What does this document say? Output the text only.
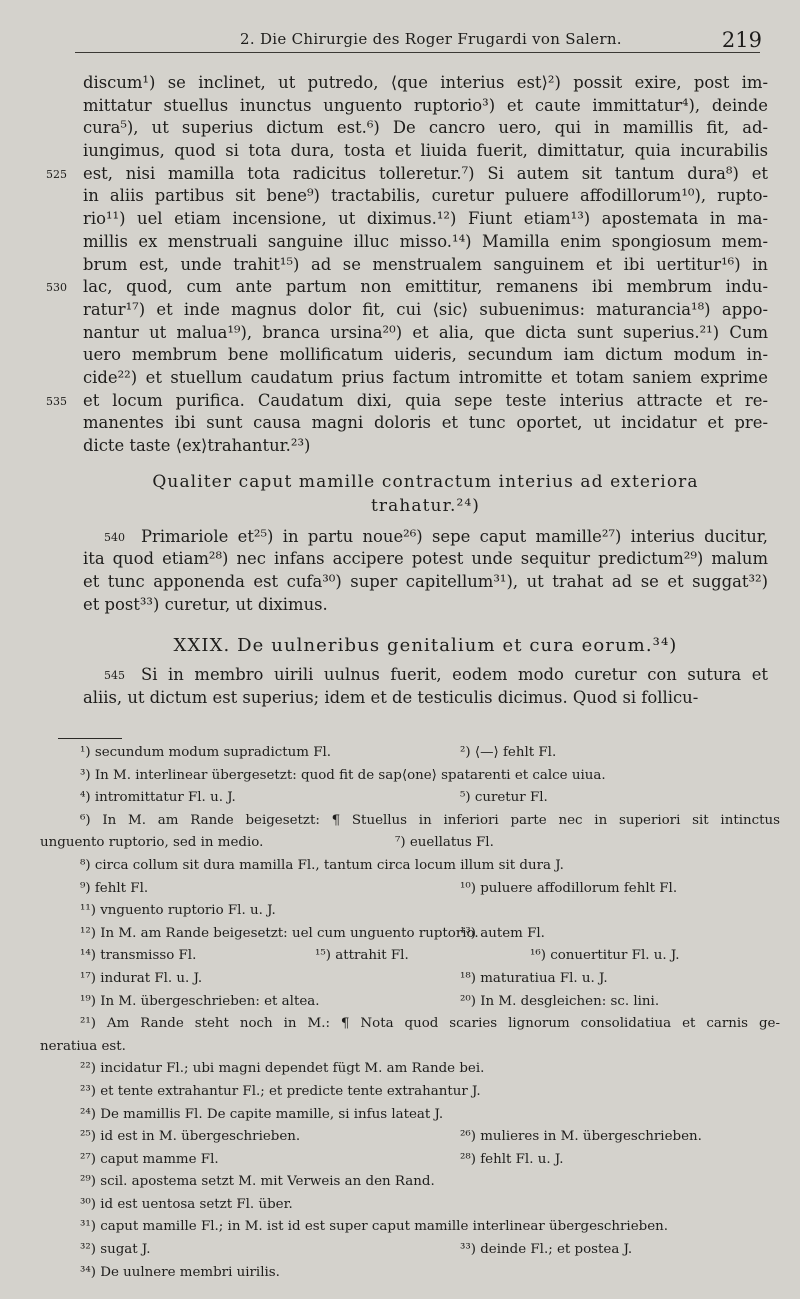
2. Die Chirurgie des Roger Frugardi von Salern.	219
discum¹) se inclinet, ut putredo, ⟨que interius est⟩²) possit exire, post im-
mittatur stuellus inunctus unguento ruptorio³) et caute immittatur⁴), deinde
cura⁵), ut superius dictum est.⁶) De cancro uero, qui in mamillis fit, ad-
iungimus, quod si tota dura, tosta et liuida fuerit, dimittatur, quia incurabilis
525 est, nisi mamilla tota radicitus tolleretur.⁷) Si autem sit tantum dura⁸) et
in aliis partibus sit bene⁹) tractabilis, curetur puluere affodillorum¹⁰), rupto-
rio¹¹) uel etiam incensione, ut diximus.¹²) Fiunt etiam¹³) apostemata in ma-
millis ex menstruali sanguine illuc misso.¹⁴) Mamilla enim spongiosum mem-
brum est, unde trahit¹⁵) ad se menstrualem sanguinem et ibi uertitur¹⁶) in
530 lac, quod, cum ante partum non emittitur, remanens ibi membrum indu-
ratur¹⁷) et inde magnus dolor fit, cui ⟨sic⟩ subuenimus: maturancia¹⁸) appo-
nantur ut malua¹⁹), branca ursina²⁰) et alia, que dicta sunt superius.²¹) Cum
uero membrum bene mollificatum uideris, secundum iam dictum modum in-
cide²²) et stuellum caudatum prius factum intromitte et totam saniem exprime
535 et locum purifica. Caudatum dixi, quia sepe teste interius attracte et re-
manentes ibi sunt causa magni doloris et tunc oportet, ut incidatur et pre-
dicte taste ⟨ex⟩trahantur.²³)
Qualiter caput mamille contractum interius ad exteriora
trahatur.²⁴)
540 Primariole et²⁵) in partu noue²⁶) sepe caput mamille²⁷) interius ducitur,
ita quod etiam²⁸) nec infans accipere potest unde sequitur predictum²⁹) malum
et tunc apponenda est cufa³⁰) super capitellum³¹), ut trahat ad se et suggat³²)
et post³³) curetur, ut diximus.
XXIX. De uulneribus genitalium et cura eorum.³⁴)
545 Si in membro uirili uulnus fuerit, eodem modo curetur con sutura et
aliis, ut dictum est superius; idem et de testiculis dicimus. Quod si follicu-
¹) secundum modum supradictum Fl.	²) ⟨—⟩ fehlt Fl.
³) In M. interlinear übergesetzt: quod fit de sap⟨one⟩ spatarenti et calce uiua.
⁴) intromittatur Fl. u. J.	⁵) curetur Fl.
⁶) In M. am Rande beigesetzt: ¶ Stuellus in inferiori parte nec in superiori sit intinctus
unguento ruptorio, sed in medio.	⁷) euellatus Fl.
⁸) circa collum sit dura mamilla Fl., tantum circa locum illum sit dura J.
⁹) fehlt Fl.	¹⁰) puluere affodillorum fehlt Fl.
¹¹) vnguento ruptorio Fl. u. J.
¹²) In M. am Rande beigesetzt: uel cum unguento ruptorio.
¹³) autem Fl.
¹⁴) transmisso Fl.	¹⁵) attrahit Fl.	¹⁶) conuertitur Fl. u. J.
¹⁷) indurat Fl. u. J.	¹⁸) maturatiua Fl. u. J.
¹⁹) In M. übergeschrieben: et altea.	²⁰) In M. desgleichen: sc. lini.
²¹) Am Rande steht noch in M.: ¶ Nota quod scaries lignorum consolidatiua et carnis ge-
neratiua est.
²²) incidatur Fl.; ubi magni dependet fügt M. am Rande bei.
²³) et tente extrahantur Fl.; et predicte tente extrahantur J.
²⁴) De mamillis Fl. De capite mamille, si infus lateat J.
²⁵) id est in M. übergeschrieben.	²⁶) mulieres in M. übergeschrieben.
²⁷) caput mamme Fl.	²⁸) fehlt Fl. u. J.
²⁹) scil. apostema setzt M. mit Verweis an den Rand.
³⁰) id est uentosa setzt Fl. über.
³¹) caput mamille Fl.; in M. ist id est super caput mamille interlinear übergeschrieben.
³²) sugat J.	³³) deinde Fl.; et postea J.
³⁴) De uulnere membri uirilis.
